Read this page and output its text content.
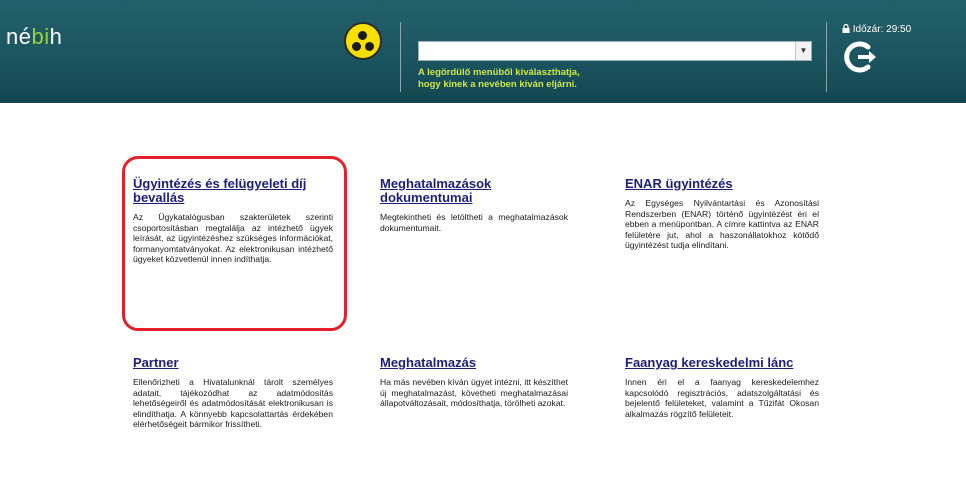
nébih
▼
A legördülő menüből kiválaszthatja,
hogy kinek a nevében kíván eljárni.
Időzár: 29:50
Ügyintézés és felügyeleti díj bevallás
Az Ügykatalógusban szakterületek szerinti csoportosításban megtalálja az intézhető ügyek leírását, az ügyintézéshez szükséges információkat, formanyomtatványokat. Az elektronikusan intézhető ügyeket közvetlenül innen indíthatja.
Meghatalmazások dokumentumai
Megtekintheti és letöltheti a meghatalmazások dokumentumait.
ENAR ügyintézés
Az Egységes Nyilvántartási és Azonosítási Rendszerben (ENAR) történő ügyintézést éri el ebben a menüpontban. A címre kattintva az ENAR felületére jut, ahol a haszonállatokhoz kötődő ügyintézést tudja elindítani.
Partner
Ellenőrizheti a Hivatalunknál tárolt személyes adatait, tájékozódhat az adatmódosítás lehetőségeiről és adatmódosítását elektronikusan is elindíthatja. A könnyebb kapcsolattartás érdekében elérhetőségeit bármikor frissítheti.
Meghatalmazás
Ha más nevében kíván ügyet intézni, itt készíthet új meghatalmazást, követheti meghatalmazásai állapotváltozásait, módosíthatja, törölheti azokat.
Faanyag kereskedelmi lánc
Innen éri el a faanyag kereskedelemhez kapcsolódó regisztrációs, adatszolgáltatási és bejelentő felületeket, valamint a Tűzifát Okosan alkalmazás rögzítő felületeit.
